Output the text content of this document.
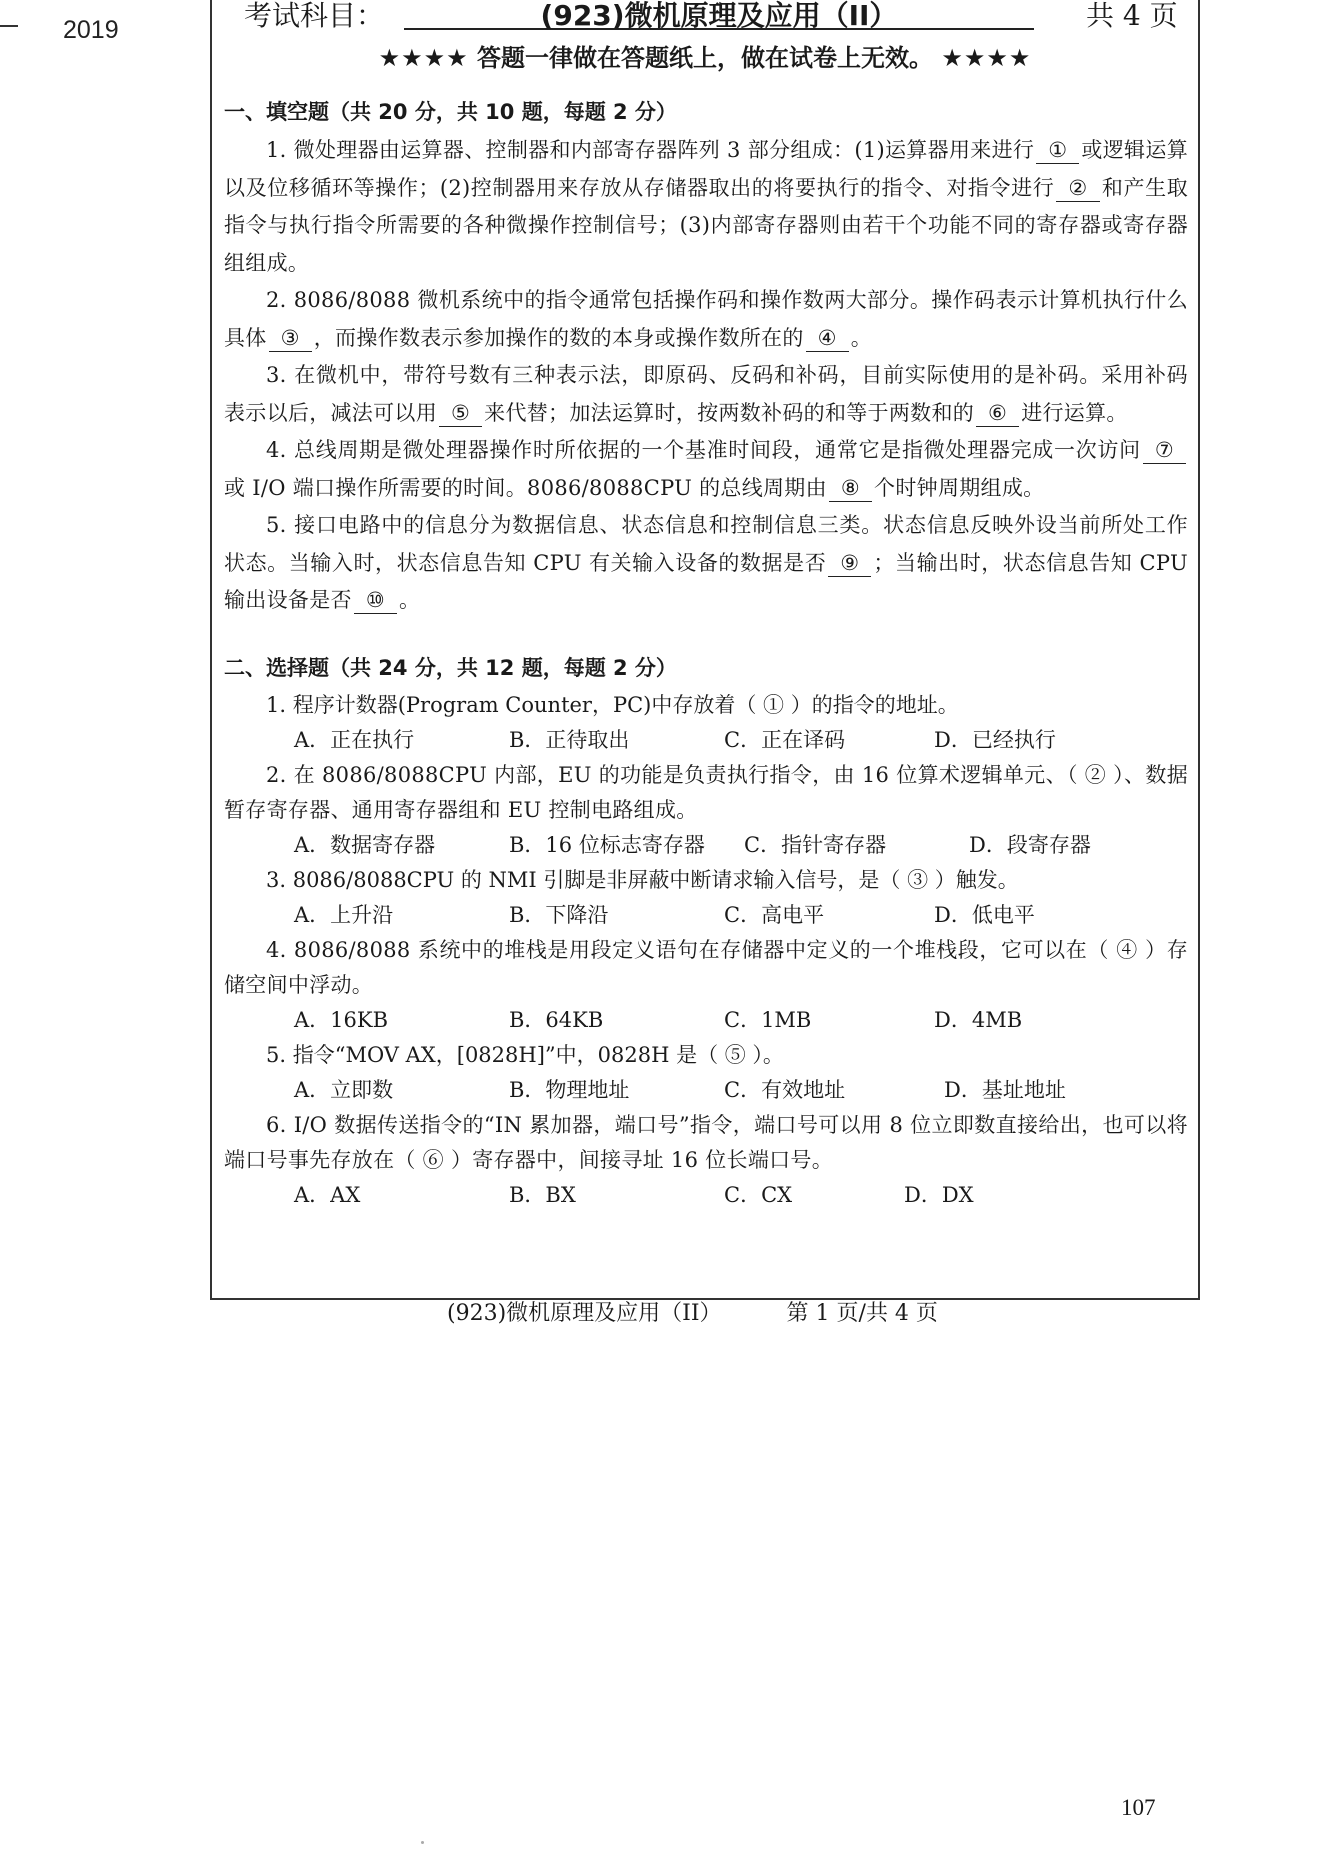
2019	考试科目：	(923)微机原理及应用（II）	共 4 页
★★★★ 答题一律做在答题纸上，做在试卷上无效。 ★★★★

一、填空题（共 20 分，共 10 题，每题 2 分）

1. 微处理器由运算器、控制器和内部寄存器阵列 3 部分组成：(1)运算器用来进行 ① 或逻辑运算以及位移循环等操作；(2)控制器用来存放从存储器取出的将要执行的指令、对指令进行 ② 和产生取指令与执行指令所需要的各种微操作控制信号；(3)内部寄存器则由若干个功能不同的寄存器或寄存器组组成。

2. 8086/8088 微机系统中的指令通常包括操作码和操作数两大部分。操作码表示计算机执行什么具体 ③ ，而操作数表示参加操作的数的本身或操作数所在的 ④ 。

3. 在微机中，带符号数有三种表示法，即原码、反码和补码，目前实际使用的是补码。采用补码表示以后，减法可以用 ⑤ 来代替；加法运算时，按两数补码的和等于两数和的 ⑥ 进行运算。

4. 总线周期是微处理器操作时所依据的一个基准时间段，通常它是指微处理器完成一次访问 ⑦或 I/O 端口操作所需要的时间。8086/8088CPU 的总线周期由 ⑧ 个时钟周期组成。

5. 接口电路中的信息分为数据信息、状态信息和控制信息三类。状态信息反映外设当前所处工作状态。当输入时，状态信息告知 CPU 有关输入设备的数据是否 ⑨ ；当输出时，状态信息告知 CPU 输出设备是否 ⑩ 。

二、选择题（共 24 分，共 12 题，每题 2 分）

1. 程序计数器(Program Counter，PC)中存放着（ ① ）的指令的地址。

A．正在执行	B．正待取出	C．正在译码	D．已经执行

2. 在 8086/8088CPU 内部，EU 的功能是负责执行指令，由 16 位算术逻辑单元、（ ② ）、数据暂存寄存器、通用寄存器组和 EU 控制电路组成。

A．数据寄存器	B．16 位标志寄存器 C．指针寄存器	D．段寄存器

3. 8086/8088CPU 的 NMI 引脚是非屏蔽中断请求输入信号，是（ ③ ）触发。

A．上升沿	B．下降沿	C．高电平	D．低电平

4. 8086/8088 系统中的堆栈是用段定义语句在存储器中定义的一个堆栈段，它可以在（ ④ ）存储空间中浮动。

A．16KB	B．64KB	C．1MB	D．4MB

5. 指令“MOV AX，[0828H]”中，0828H 是（ ⑤ ）。

A．立即数	B．物理地址	C．有效地址	D．基址地址

6. I/O 数据传送指令的“IN 累加器，端口号”指令，端口号可以用 8 位立即数直接给出，也可以将端口号事先存放在（ ⑥ ）寄存器中，间接寻址 16 位长端口号。

A．AX	B．BX	C．CX	D．DX
(923)微机原理及应用（II）	第 1 页/共 4 页
107
